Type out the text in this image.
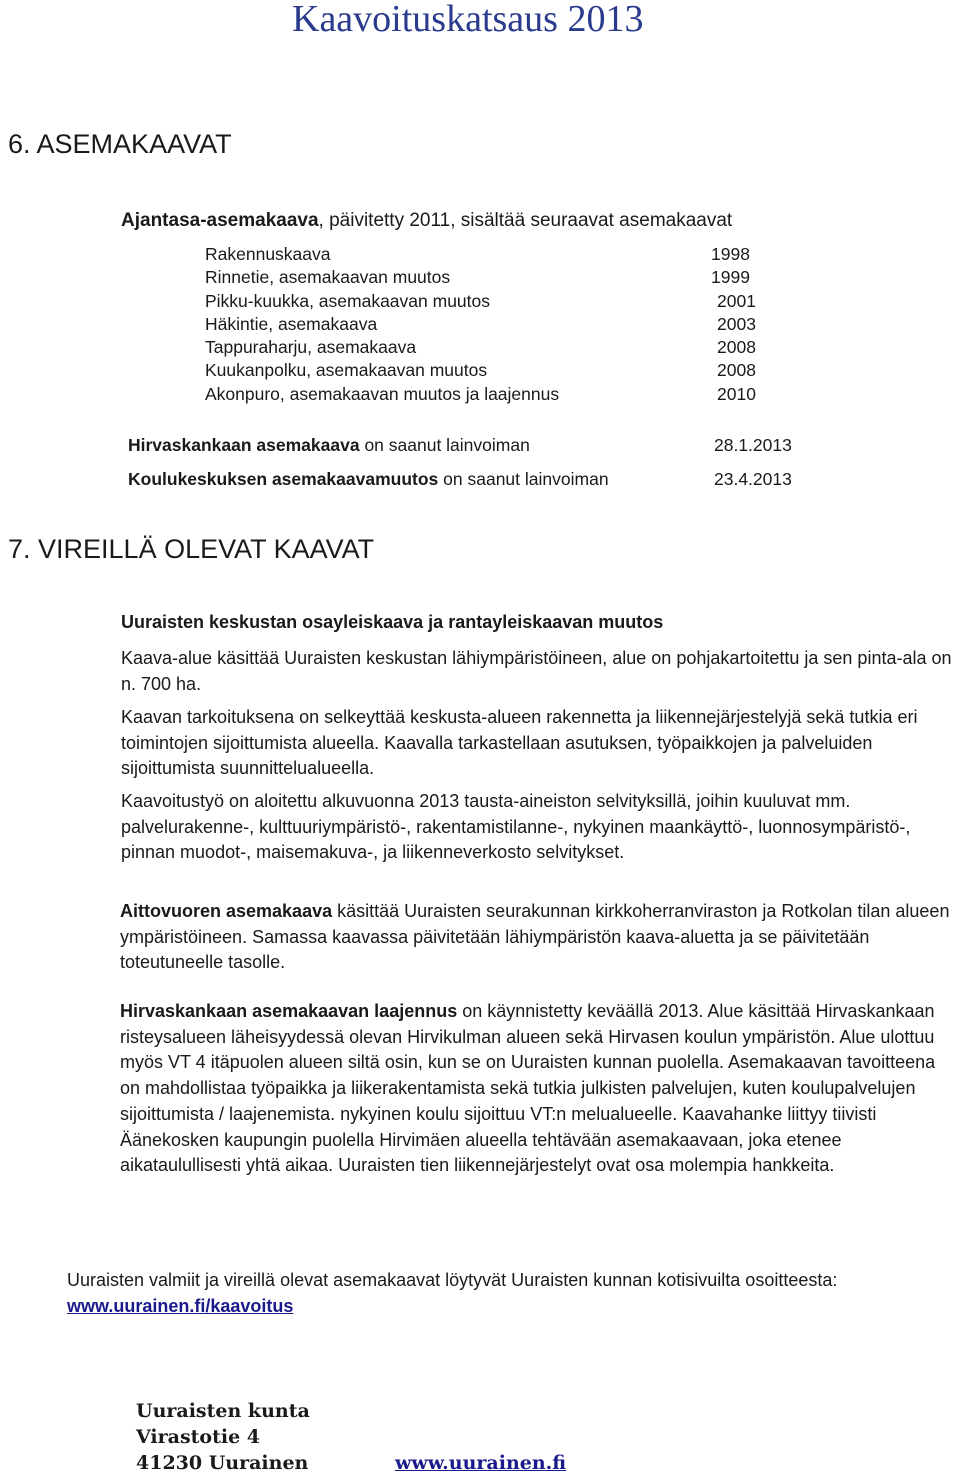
Kaavoituskatsaus 2013
6. ASEMAKAAVAT
Ajantasa-asemakaava, päivitetty 2011, sisältää seuraavat asemakaavat
Rakennuskaava	1998
Rinnetie, asemakaavan muutos	1999
Pikku-kuukka, asemakaavan muutos	2001
Häkintie, asemakaava	2003
Tappuraharju, asemakaava	2008
Kuukanpolku, asemakaavan muutos	2008
Akonpuro, asemakaavan muutos ja laajennus	2010
Hirvaskankaan asemakaava on saanut lainvoiman	28.1.2013
Koulukeskuksen asemakaavamuutos on saanut lainvoiman	23.4.2013
7. VIREILLÄ OLEVAT KAAVAT
Uuraisten keskustan osayleiskaava ja rantayleiskaavan muutos
Kaava-alue käsittää Uuraisten keskustan lähiympäristöineen, alue on pohjakartoitettu ja sen pinta-ala on n. 700 ha.
Kaavan tarkoituksena on selkeyttää keskusta-alueen rakennetta ja liikennejärjestelyjä sekä tutkia eri toimintojen sijoittumista alueella. Kaavalla tarkastellaan asutuksen, työpaikkojen ja palveluiden sijoittumista suunnittelualueella.
Kaavoitustyö on aloitettu alkuvuonna 2013 tausta-aineiston selvityksillä, joihin kuuluvat mm. palvelurakenne-, kulttuuriympäristö-, rakentamistilanne-, nykyinen maankäyttö-, luonnosympäristö-, pinnan muodot-, maisemakuva-, ja liikenneverkosto selvitykset.
Aittovuoren asemakaava käsittää Uuraisten seurakunnan kirkkoherranviraston ja Rotkolan tilan alueen ympäristöineen. Samassa kaavassa päivitetään lähiympäristön kaava-aluetta ja se päivitetään toteutuneelle tasolle.
Hirvaskankaan asemakaavan laajennus on käynnistetty keväällä 2013. Alue käsittää Hirvaskankaan risteysalueen läheisyydessä olevan Hirvikulman alueen sekä Hirvasen koulun ympäristön. Alue ulottuu myös VT 4 itäpuolen alueen siltä osin, kun se on Uuraisten kunnan puolella. Asemakaavan tavoitteena on mahdollistaa työpaikka ja liikerakentamista sekä tutkia julkisten palvelujen, kuten koulupalvelujen sijoittumista / laajenemista. nykyinen koulu sijoittuu VT:n melualueelle. Kaavahanke liittyy tiivisti Äänekosken kaupungin puolella Hirvimäen alueella tehtävään asemakaavaan, joka etenee aikataulullisesti yhtä aikaa. Uuraisten tien liikennejärjestelyt ovat osa molempia hankkeita.
Uuraisten valmiit ja vireillä olevat asemakaavat löytyvät Uuraisten kunnan kotisivuilta osoitteesta: www.uurainen.fi/kaavoitus
Uuraisten kunta
Virastotie 4
41230 Uurainen	www.uurainen.fi
